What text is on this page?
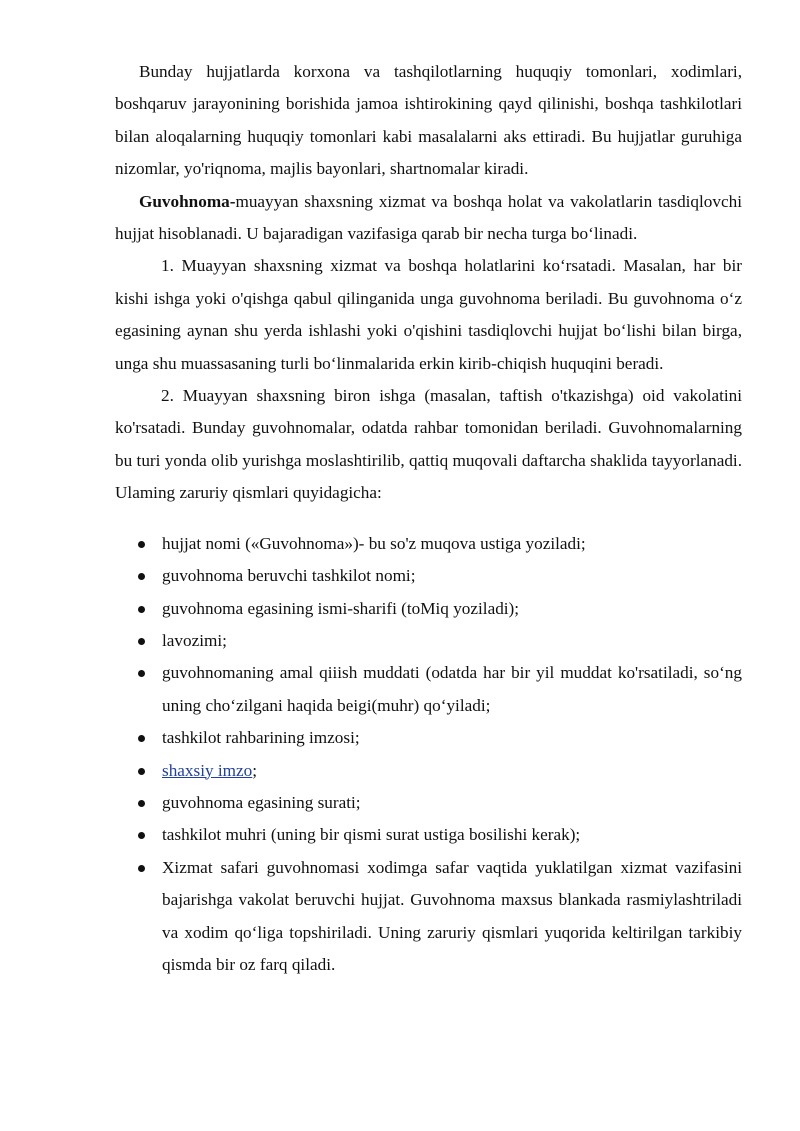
Bunday hujjatlarda korxona va tashqilotlarning huquqiy tomonlari, xodimlari, boshqaruv jarayonining borishida jamoa ishtirokining qayd qilinishi, boshqa tashkilotlari bilan aloqalarning huquqiy tomonlari kabi masalalarni aks ettiradi. Bu hujjatlar guruhiga nizomlar, yo'riqnoma, majlis bayonlari, shartnomalar kiradi.

Guvohnoma-muayyan shaxsning xizmat va boshqa holat va vakolatlarin tasdiqlovchi hujjat hisoblanadi. U bajaradigan vazifasiga qarab bir necha turga bo‘linadi.

1. Muayyan shaxsning xizmat va boshqa holatlarini ko‘rsatadi. Masalan, har bir kishi ishga yoki o'qishga qabul qilinganida unga guvohnoma beriladi. Bu guvohnoma o‘z egasining aynan shu yerda ishlashi yoki o'qishini tasdiqlovchi hujjat bo‘lishi bilan birga, unga shu muassasaning turli bo‘linmalarida erkin kirib-chiqish huquqini beradi.

2. Muayyan shaxsning biron ishga (masalan, taftish o'tkazishga) oid vakolatini ko'rsatadi. Bunday guvohnomalar, odatda rahbar tomonidan beriladi. Guvohnomalarning bu turi yonda olib yurishga moslashtirilib, qattiq muqovali daftarcha shaklida tayyorlanadi. Ulaming zaruriy qismlari quyidagicha:

hujjat nomi («Guvohnoma»)- bu so'z muqova ustiga yoziladi;
guvohnoma beruvchi tashkilot nomi;
guvohnoma egasining ismi-sharifi (toMiq yoziladi);
lavozimi;
guvohnomaning amal qiiish muddati (odatda har bir yil muddat ko'rsatiladi, so‘ng uning cho‘zilgani haqida beigi(muhr) qo‘yiladi;
tashkilot rahbarining imzosi;
shaxsiy imzo;
guvohnoma egasining surati;
tashkilot muhri (uning bir qismi surat ustiga bosilishi kerak);
Xizmat safari guvohnomasi xodimga safar vaqtida yuklatilgan xizmat vazifasini bajarishga vakolat beruvchi hujjat. Guvohnoma maxsus blankada rasmiylashtriladi va xodim qo‘liga topshiriladi. Uning zaruriy qismlari yuqorida keltirilgan tarkibiy qismda bir oz farq qiladi.
